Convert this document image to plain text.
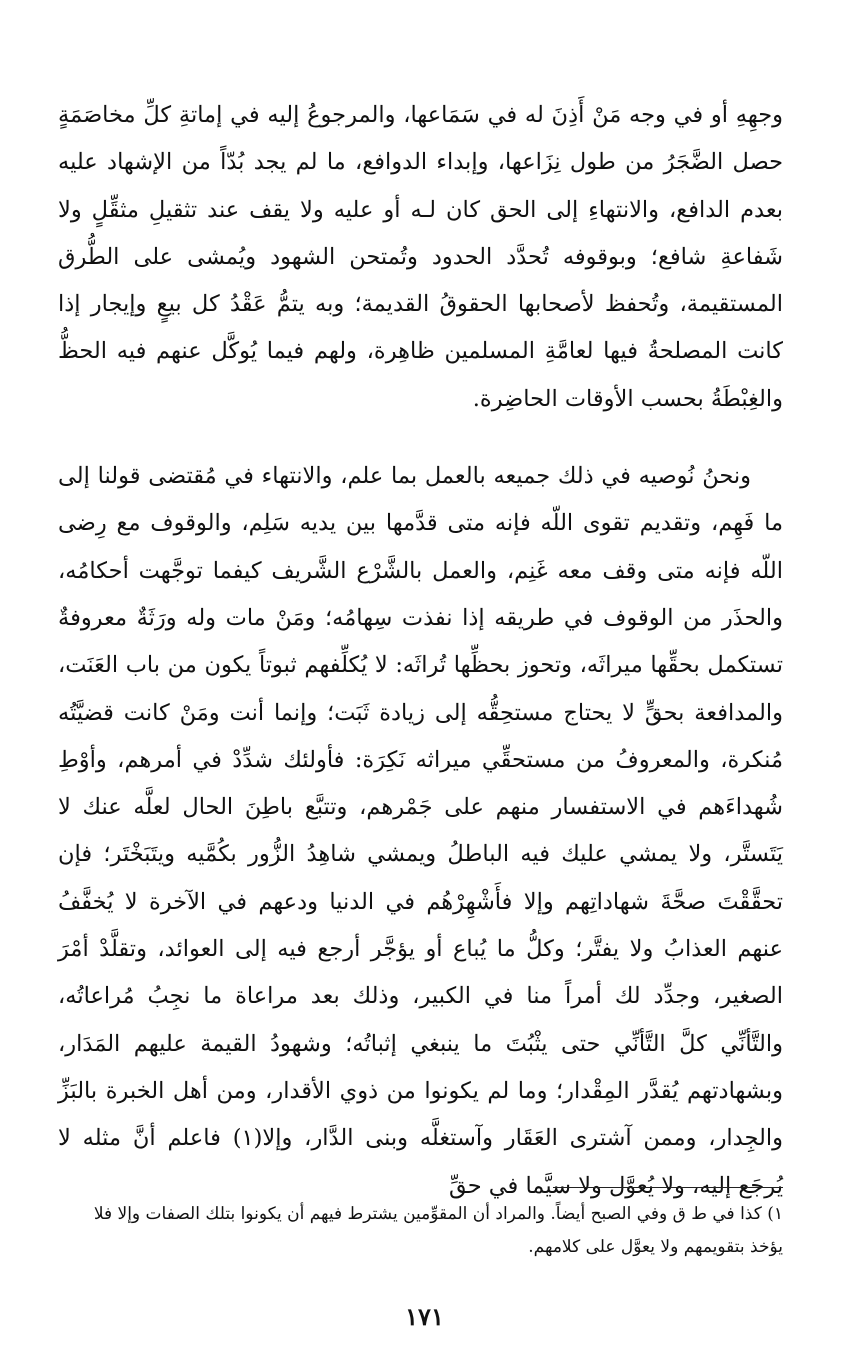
وجهِهِ أو في وجه مَنْ أَذِنَ له في سَمَاعها، والمرجوعُ إليه في إماتةِ كلِّ مخاصَمَةٍ حصل الضَّجَرُ من طول نِزَاعها، وإبداء الدوافع، ما لم يجد بُدّاً من الإشهاد عليه بعدم الدافع، والانتهاءِ إلى الحق كان لـه أو عليه ولا يقف عند تثقيلِ مثقِّلٍ ولا شَفاعةِ شافع؛ وبوقوفه تُحدَّد الحدود وتُمتحن الشهود ويُمشى على الطُّرق المستقيمة، وتُحفظ لأصحابها الحقوقُ القديمة؛ وبه يتمُّ عَقْدُ كل بيعٍ وإيجار إذا كانت المصلحةُ فيها لعامَّةِ المسلمين ظاهِرة، ولهم فيما يُوكَّل عنهم فيه الحظُّ والغِبْطَةُ بحسب الأوقات الحاضِرة.

ونحنُ نُوصيه في ذلك جميعه بالعمل بما علم، والانتهاء في مُقتضى قولنا إلى ما فَهِم، وتقديم تقوى اللّه فإنه متى قدَّمها بين يديه سَلِم، والوقوف مع رِضى اللّه فإنه متى وقف معه غَنِم، والعمل بالشَّرْع الشَّريف كيفما توجَّهت أحكامُه، والحذَر من الوقوف في طريقه إذا نفذت سِهامُه؛ ومَنْ مات وله ورَثَةٌ معروفةٌ تستكمل بحقِّها ميراثَه، وتحوز بحظِّها تُراثَه: لا يُكلِّفهم ثبوتاً يكون من باب العَنَت، والمدافعة بحقٍّ لا يحتاج مستحِقُّه إلى زيادة ثَبَت؛ وإنما أنت ومَنْ كانت قضيَّتُه مُنكرة، والمعروفُ من مستحقِّي ميراثه نَكِرَة: فأولئك شدِّدْ في أمرهم، وأوْطِ شُهداءَهم في الاستفسار منهم على جَمْرهم، وتتبَّع باطِنَ الحال لعلَّه عنك لا يَتَستَّر، ولا يمشي عليك فيه الباطلُ ويمشي شاهِدُ الزُّور بكُمَّيه ويتَبَخْتَر؛ فإن تحقَّقْتَ صحَّةَ شهاداتِهم وإلا فأَشْهِرْهُم في الدنيا ودعهم في الآخرة لا يُخفَّفُ عنهم العذابُ ولا يفتَّر؛ وكلُّ ما يُباع أو يؤجَّر أرجع فيه إلى العوائد، وتقلَّدْ أمْرَ الصغير، وجدِّد لك أمراً منا في الكبير، وذلك بعد مراعاة ما نجِبُ مُراعاتُه، والتَّأنِّي كلَّ التَّأنِّي حتى يثْبُتَ ما ينبغي إثباتُه؛ وشهودُ القيمة عليهم المَدَار، وبشهادتهم يُقدَّر المِقْدار؛ وما لم يكونوا من ذوي الأقدار، ومن أهل الخبرة بالبَزِّ والجِدار، وممن آشترى العَقَار وآستغلَّه وبنى الدَّار، وإلا(١) فاعلم أنَّ مثله لا يُرجَع إليه، ولا يُعوَّل ولا سيَّما في حقِّ

١) كذا في ط ق وفي الصبح أيضاً. والمراد أن المقوِّمين يشترط فيهم أن يكونوا بتلك الصفات وإلا فلا يؤخذ بتقويمهم ولا يعوَّل على كلامهم.

١٧١
